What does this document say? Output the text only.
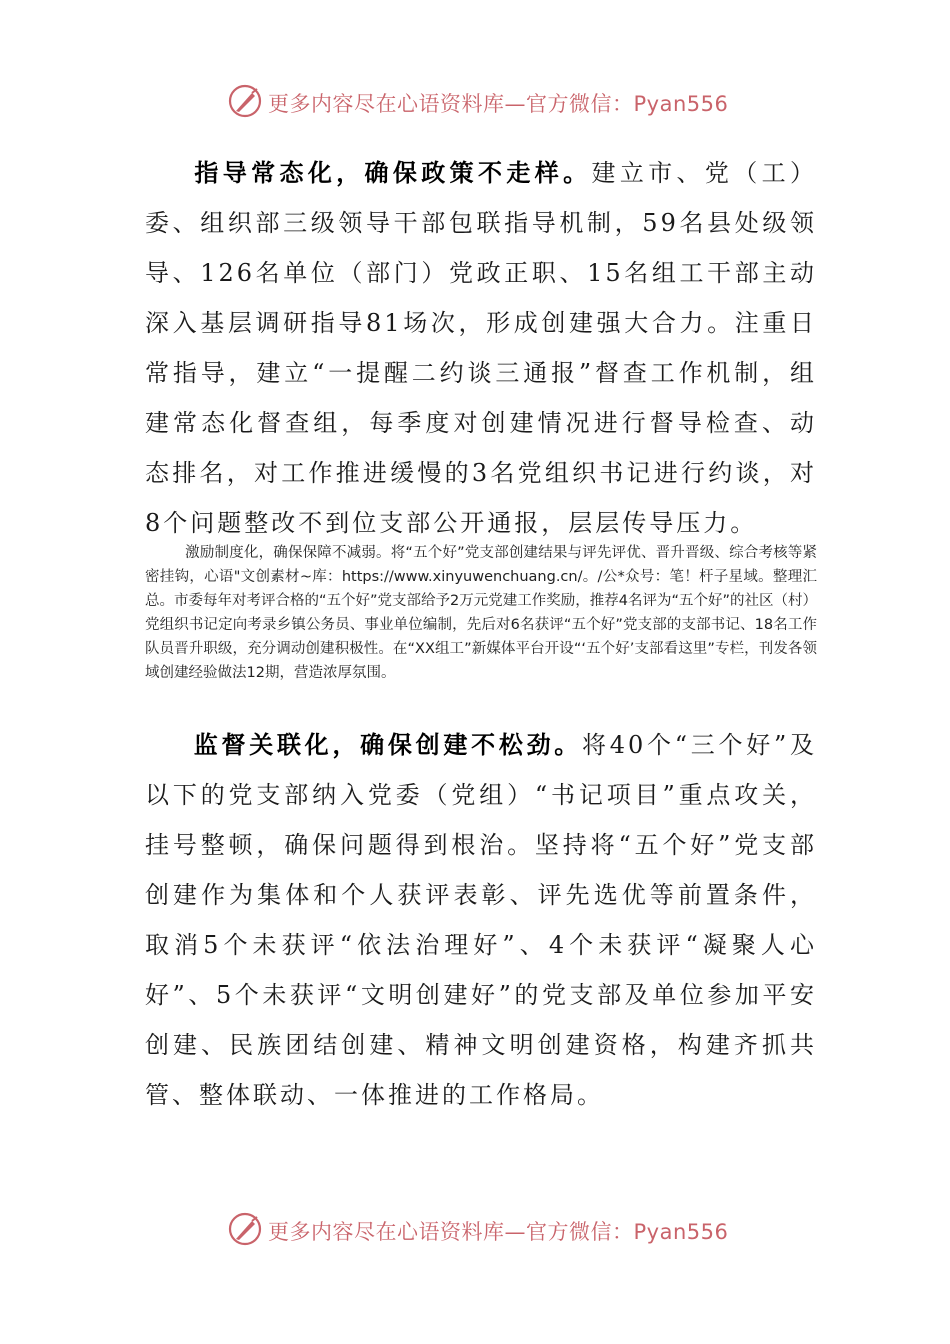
更多内容尽在心语资料库—官方微信：Pyan556

指导常态化，确保政策不走样。建立市、党（工）委、组织部三级领导干部包联指导机制，59名县处级领导、126名单位（部门）党政正职、15名组工干部主动深入基层调研指导81场次，形成创建强大合力。注重日常指导，建立“一提醒二约谈三通报”督查工作机制，组建常态化督查组，每季度对创建情况进行督导检查、动态排名，对工作推进缓慢的3名党组织书记进行约谈，对8个问题整改不到位支部公开通报，层层传导压力。

激励制度化，确保保障不减弱。将“五个好”党支部创建结果与评先评优、晋升晋级、综合考核等紧密挂钩，心语"文创素材~库：https://www.xinyuwenchuang.cn/。/公*众号：笔！杆子星域。整理汇总。市委每年对考评合格的“五个好”党支部给予2万元党建工作奖励，推荐4名评为“五个好”的社区（村）党组织书记定向考录乡镇公务员、事业单位编制，先后对6名获评“五个好”党支部的支部书记、18名工作队员晋升职级，充分调动创建积极性。在“XX组工”新媒体平台开设“‘五个好’支部看这里”专栏，刊发各领域创建经验做法12期，营造浓厚氛围。

监督关联化，确保创建不松劲。将40个“三个好”及以下的党支部纳入党委（党组）“书记项目”重点攻关，挂号整顿，确保问题得到根治。坚持将“五个好”党支部创建作为集体和个人获评表彰、评先选优等前置条件，取消5个未获评“依法治理好”、4个未获评“凝聚人心好”、5个未获评“文明创建好”的党支部及单位参加平安创建、民族团结创建、精神文明创建资格，构建齐抓共管、整体联动、一体推进的工作格局。

更多内容尽在心语资料库—官方微信：Pyan556
